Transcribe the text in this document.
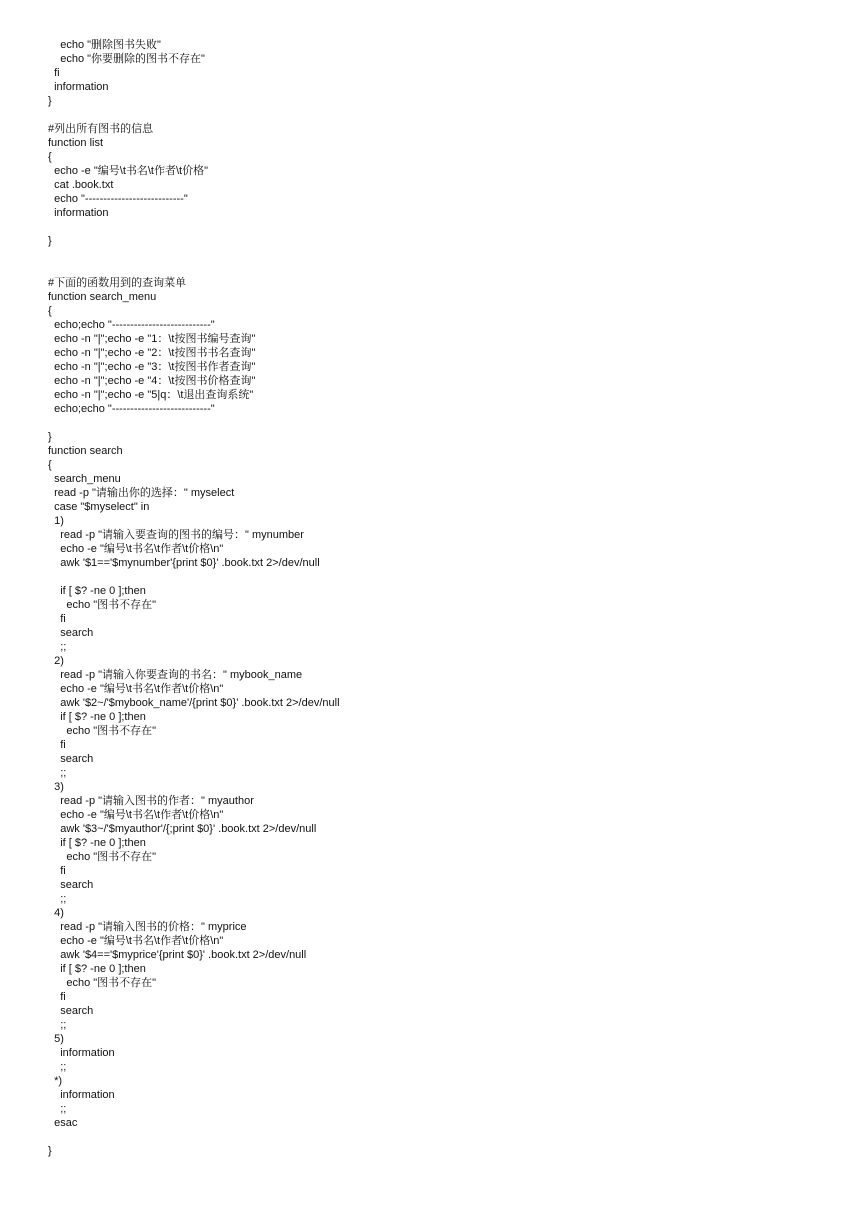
echo "删除图书失败"
echo "你要删除的图书不存在"
fi
information
}
#列出所有图书的信息
function list
{
echo -e "编号\t书名\t作者\t价格"
cat .book.txt
echo "---------------------------"
information
}
#下面的函数用到的查询菜单
function search_menu
{
echo;echo "---------------------------"
echo -n "|";echo -e "1：\t按图书编号查询"
echo -n "|";echo -e "2：\t按图书书名查询"
echo -n "|";echo -e "3：\t按图书作者查询"
echo -n "|";echo -e "4：\t按图书价格查询"
echo -n "|";echo -e "5|q：\t退出查询系统"
echo;echo "---------------------------"
}
function search
{
search_menu
read -p "请输出你的选择：" myselect
case "$myselect" in
1)
read -p "请输入要查询的图书的编号：" mynumber
echo -e "编号\t书名\t作者\t价格\n"
awk '$1=='$mynumber'{print $0}' .book.txt 2>/dev/null
if [ $? -ne 0 ];then
echo "图书不存在"
fi
search
;;
2)
read -p "请输入你要查询的书名：" mybook_name
echo -e "编号\t书名\t作者\t价格\n"
awk '$2~/'$mybook_name'/{print $0}' .book.txt 2>/dev/null
if [ $? -ne 0 ];then
echo "图书不存在"
fi
search
;;
3)
read -p "请输入图书的作者：" myauthor
echo -e "编号\t书名\t作者\t价格\n"
awk '$3~/'$myauthor'/{;print $0}' .book.txt 2>/dev/null
if [ $? -ne 0 ];then
echo "图书不存在"
fi
search
;;
4)
read -p "请输入图书的价格：" myprice
echo -e "编号\t书名\t作者\t价格\n"
awk '$4=='$myprice'{print $0}' .book.txt 2>/dev/null
if [ $? -ne 0 ];then
echo "图书不存在"
fi
search
;;
5)
information
;;
*)
information
;;
esac
}
